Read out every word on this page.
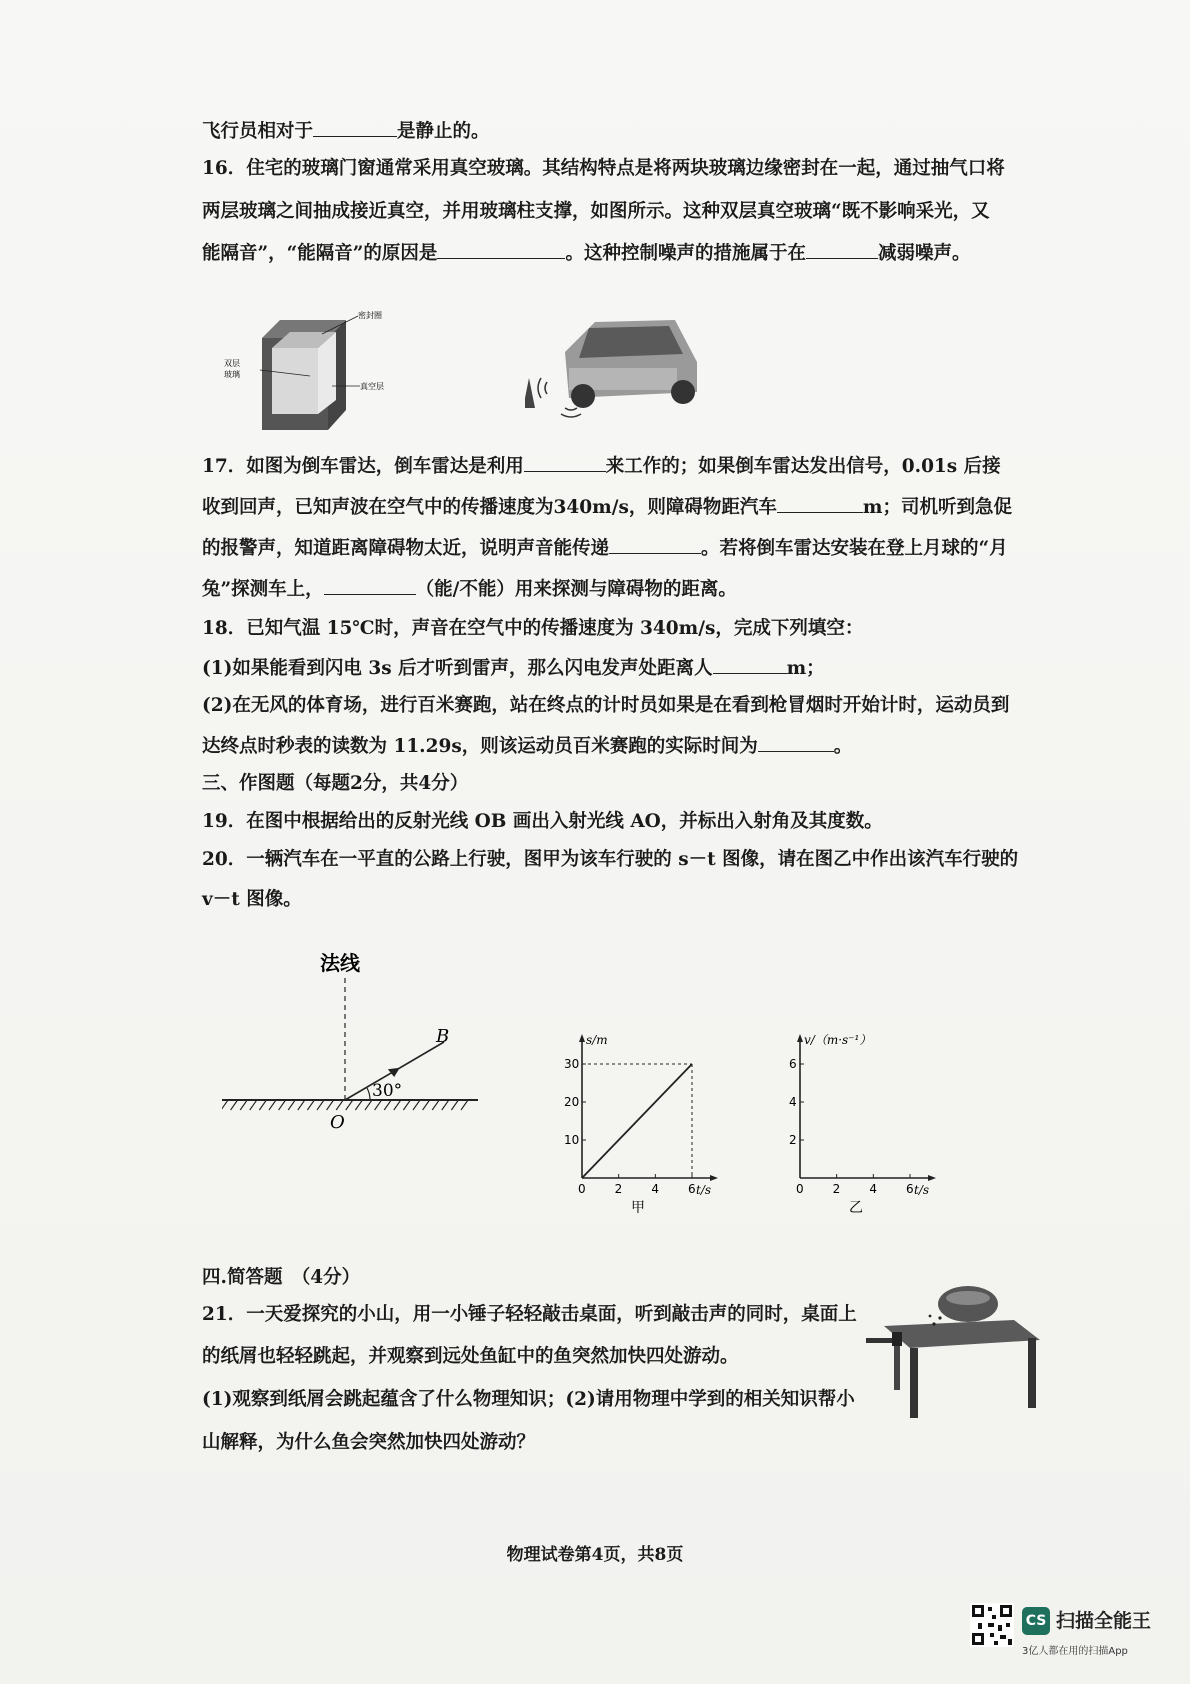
飞行员相对于	是静止的。
16．住宅的玻璃门窗通常采用真空玻璃。其结构特点是将两块玻璃边缘密封在一起，通过抽气口将
两层玻璃之间抽成接近真空，并用玻璃柱支撑，如图所示。这种双层真空玻璃“既不影响采光，又
能隔音”，“能隔音”的原因是	。这种控制噪声的措施属于在	减弱噪声。
密封圈
双层
玻璃
真空层
17．如图为倒车雷达，倒车雷达是利用	来工作的；如果倒车雷达发出信号，0.01s 后接
收到回声，已知声波在空气中的传播速度为340m/s，则障碍物距汽车	m；司机听到急促
的报警声，知道距离障碍物太近，说明声音能传递	。若将倒车雷达安装在登上月球的“月
兔”探测车上，	（能/不能）用来探测与障碍物的距离。
18．已知气温 15℃时，声音在空气中的传播速度为 340m/s，完成下列填空：
(1)如果能看到闪电 3s 后才听到雷声，那么闪电发声处距离人	m；
(2)在无风的体育场，进行百米赛跑，站在终点的计时员如果是在看到枪冒烟时开始计时，运动员到
达终点时秒表的读数为 11.29s，则该运动员百米赛跑的实际时间为	。
三、作图题（每题2分，共4分）
19．在图中根据给出的反射光线 OB 画出入射光线 AO，并标出入射角及其度数。
20．一辆汽车在一平直的公路上行驶，图甲为该车行驶的 s－t 图像，请在图乙中作出该汽车行驶的
v－t 图像。
法线
B
O
30°
0 2 4 6
10
20
30
t/s
s/m
甲
0 2 4 6
2
4
6
t/s
v/（m·s⁻¹）
乙
四.简答题　（4分）
21．一天爱探究的小山，用一小锤子轻轻敲击桌面，听到敲击声的同时，桌面上
的纸屑也轻轻跳起，并观察到远处鱼缸中的鱼突然加快四处游动。
(1)观察到纸屑会跳起蕴含了什么物理知识；(2)请用物理中学到的相关知识帮小
山解释，为什么鱼会突然加快四处游动？
物理试卷第4页，共8页
CS 扫描全能王
3亿人都在用的扫描App
